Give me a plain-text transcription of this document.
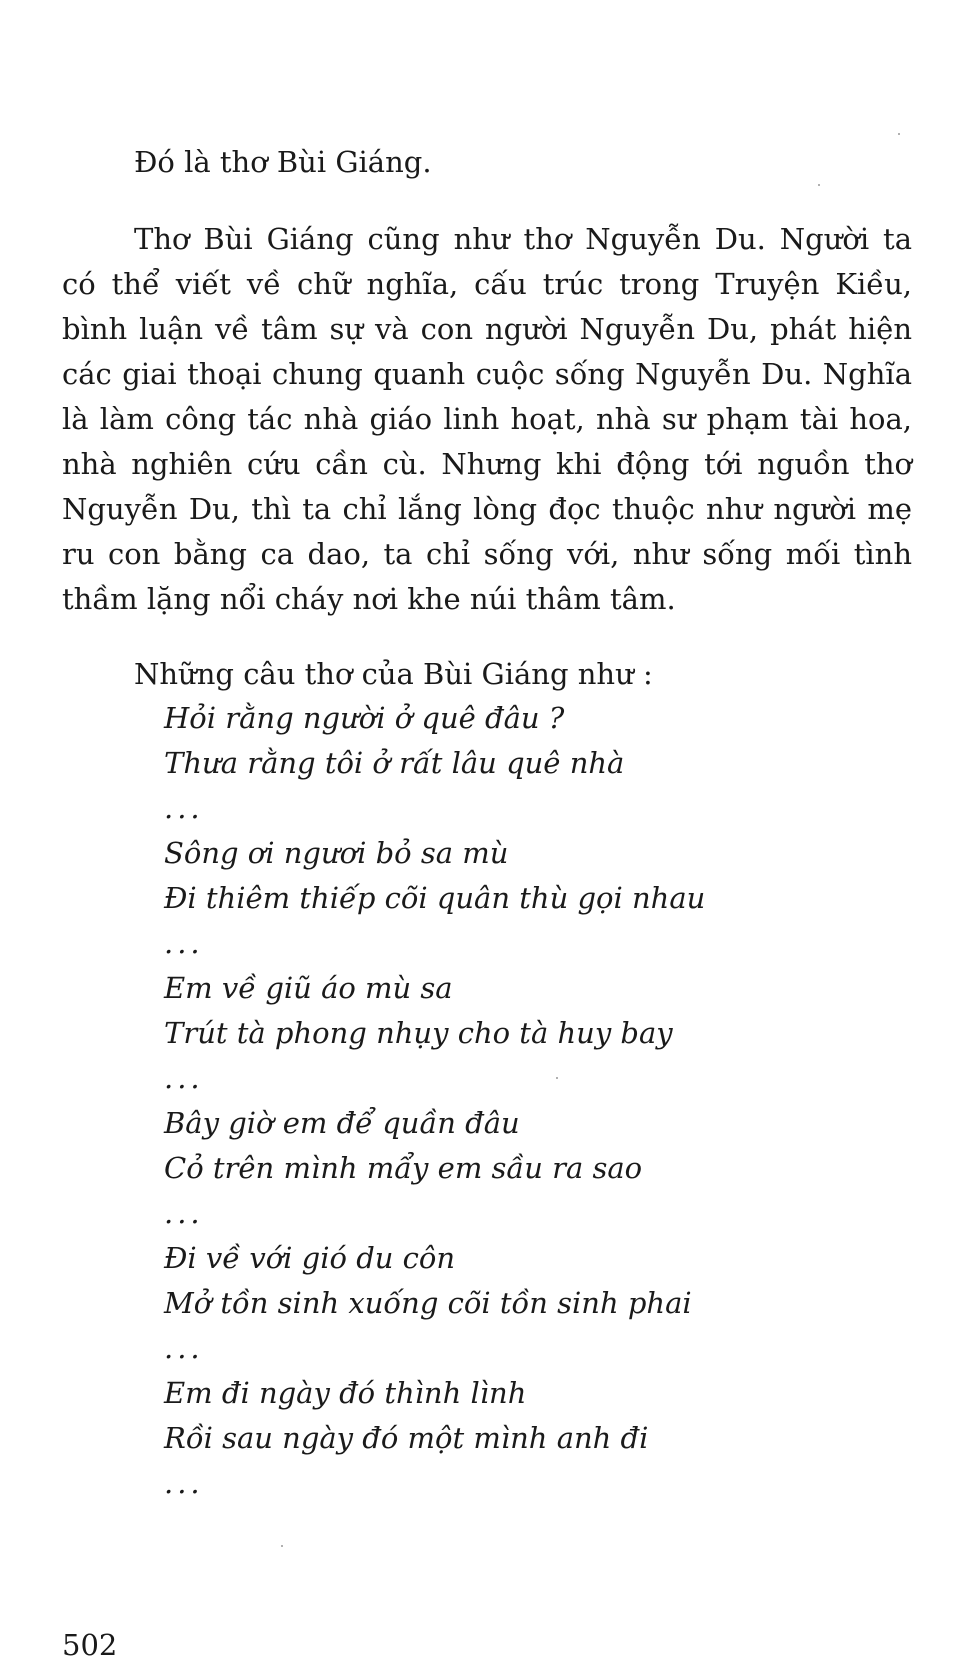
Đó là thơ Bùi Giáng.

Thơ Bùi Giáng cũng như thơ Nguyễn Du. Người ta có thể viết về chữ nghĩa, cấu trúc trong Truyện Kiều, bình luận về tâm sự và con người Nguyễn Du, phát hiện các giai thoại chung quanh cuộc sống Nguyễn Du. Nghĩa là làm công tác nhà giáo linh hoạt, nhà sư phạm tài hoa, nhà nghiên cứu cần cù. Nhưng khi động tới nguồn thơ Nguyễn Du, thì ta chỉ lắng lòng đọc thuộc như người mẹ ru con bằng ca dao, ta chỉ sống với, như sống mối tình thầm lặng nổi cháy nơi khe núi thâm tâm.

Những câu thơ của Bùi Giáng như :

Hỏi rằng người ở quê đâu ?
Thưa rằng tôi ở rất lâu quê nhà
...
Sông ơi ngươi bỏ sa mù
Đi thiêm thiếp cõi quân thù gọi nhau
...
Em về giũ áo mù sa
Trút tà phong nhụy cho tà huy bay
...
Bây giờ em để quần đâu
Cỏ trên mình mẩy em sầu ra sao
...
Đi về với gió du côn
Mở tồn sinh xuống cõi tồn sinh phai
...
Em đi ngày đó thình lình
Rồi sau ngày đó một mình anh đi
...
502
